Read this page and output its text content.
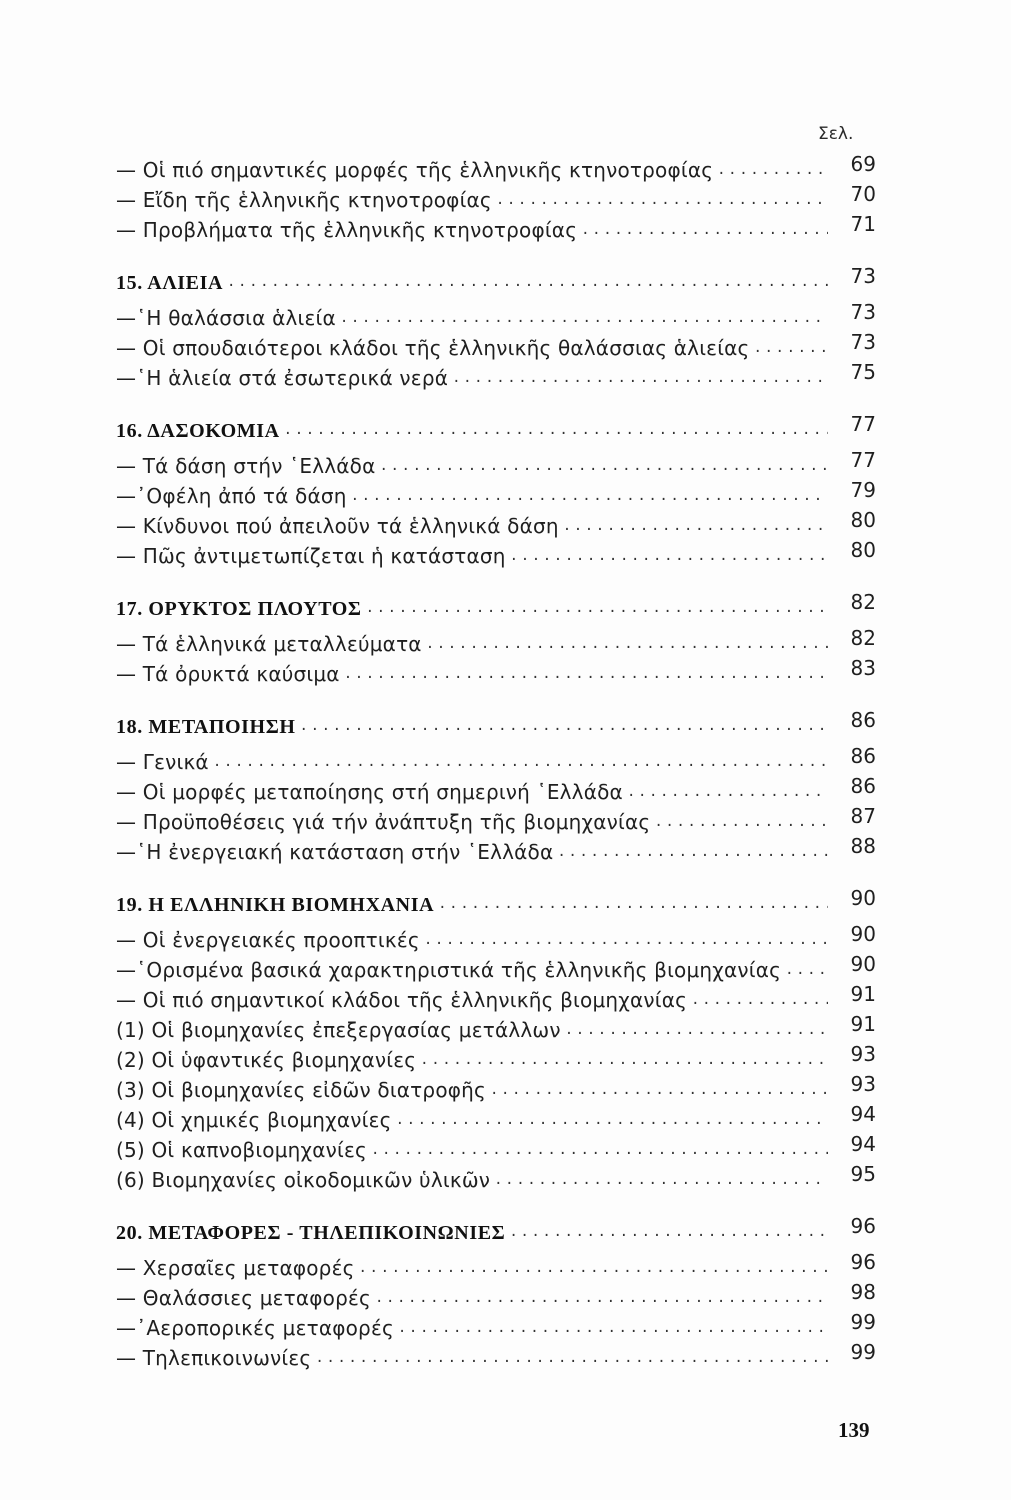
Σελ.
— Οἱ πιό σημαντικές μορφές τῆς ἑλληνικῆς κτηνοτροφίας .....	69
— Εἴδη τῆς ἑλληνικῆς κτηνοτροφίας .....	70
— Προβλήματα τῆς ἑλληνικῆς κτηνοτροφίας .....	71
15. ΑΛΙΕΙΑ .....	73
—῾Η θαλάσσια ἁλιεία .....	73
— Οἱ σπουδαιότεροι κλάδοι τῆς ἑλληνικῆς θαλάσσιας ἁλιείας .....	73
—῾Η ἁλιεία στά ἐσωτερικά νερά .....	75
16. ΔΑΣΟΚΟΜΙΑ .....	77
— Τά δάση στήν ῾Ελλάδα .....	77
—᾽Οφέλη ἀπό τά δάση .....	79
— Κίνδυνοι πού ἀπειλοῦν τά ἑλληνικά δάση .....	80
— Πῶς ἀντιμετωπίζεται ἡ κατάσταση .....	80
17. ΟΡΥΚΤΟΣ ΠΛΟΥΤΟΣ .....	82
— Τά ἑλληνικά μεταλλεύματα .....	82
— Τά ὀρυκτά καύσιμα .....	83
18. ΜΕΤΑΠΟΙΗΣΗ .....	86
— Γενικά .....	86
— Οἱ μορφές μεταποίησης στή σημερινή ῾Ελλάδα .....	86
— Προϋποθέσεις γιά τήν ἀνάπτυξη τῆς βιομηχανίας .....	87
—῾Η ἐνεργειακή κατάσταση στήν ῾Ελλάδα .....	88
19. Η ΕΛΛΗΝΙΚΗ ΒΙΟΜΗΧΑΝΙΑ .....	90
— Οἱ ἐνεργειακές προοπτικές .....	90
—῾Ορισμένα βασικά χαρακτηριστικά τῆς ἑλληνικῆς βιομηχανίας .....	90
— Οἱ πιό σημαντικοί κλάδοι τῆς ἑλληνικῆς βιομηχανίας .....	91
(1) Οἱ βιομηχανίες ἐπεξεργασίας μετάλλων .....	91
(2) Οἱ ὑφαντικές βιομηχανίες .....	93
(3) Οἱ βιομηχανίες εἰδῶν διατροφῆς .....	93
(4) Οἱ χημικές βιομηχανίες .....	94
(5) Οἱ καπνοβιομηχανίες .....	94
(6) Βιομηχανίες οἰκοδομικῶν ὑλικῶν .....	95
20. ΜΕΤΑΦΟΡΕΣ - ΤΗΛΕΠΙΚΟΙΝΩΝΙΕΣ .....	96
— Χερσαῖες μεταφορές .....	96
— Θαλάσσιες μεταφορές .....	98
—᾽Αεροπορικές μεταφορές .....	99
— Τηλεπικοινωνίες .....	99
139
